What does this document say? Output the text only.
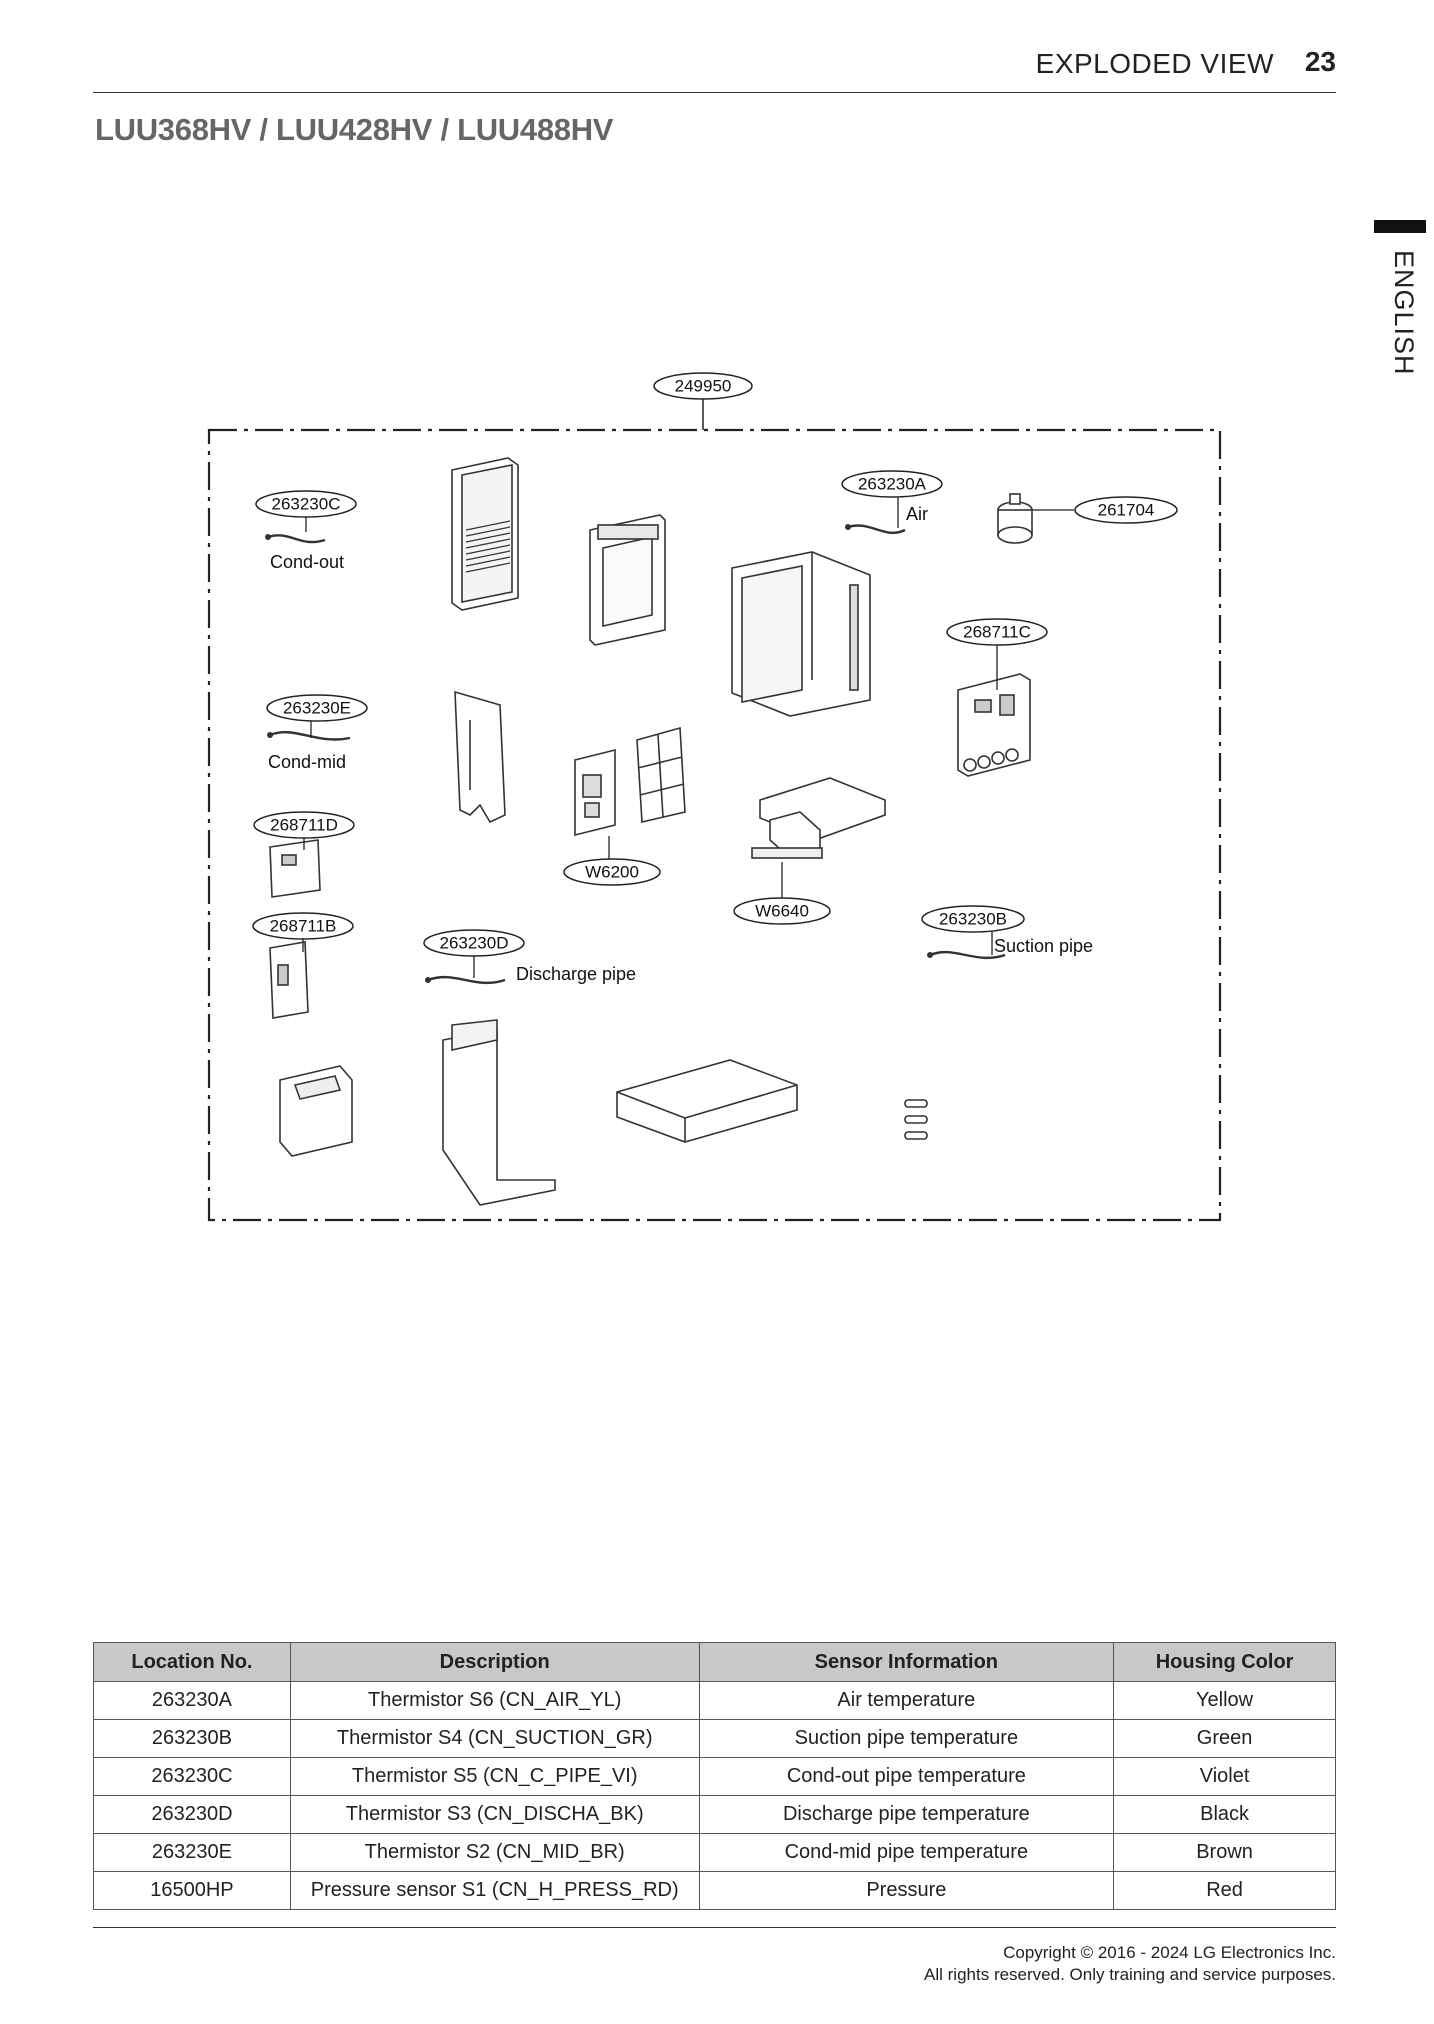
EXPLODED VIEW 23
LUU368HV / LUU428HV / LUU488HV
ENGLISH
249950
263230C
263230A
261704
268711C
263230E
268711D
W6200
W6640	263230B
268711B
263230D
Cond-out
Air
Cond-mid
Discharge pipe
Suction pipe
Location No.	Description	Sensor Information	Housing Color
263230A	Thermistor S6 (CN_AIR_YL)	Air temperature	Yellow
263230B	Thermistor S4 (CN_SUCTION_GR)	Suction pipe temperature	Green
263230C	Thermistor S5 (CN_C_PIPE_VI)	Cond-out pipe temperature	Violet
263230D	Thermistor S3 (CN_DISCHA_BK)	Discharge pipe temperature	Black
263230E	Thermistor S2 (CN_MID_BR)	Cond-mid pipe temperature	Brown
16500HP	Pressure sensor S1 (CN_H_PRESS_RD)	Pressure	Red
Copyright © 2016 - 2024 LG Electronics Inc.
All rights reserved. Only training and service purposes.
